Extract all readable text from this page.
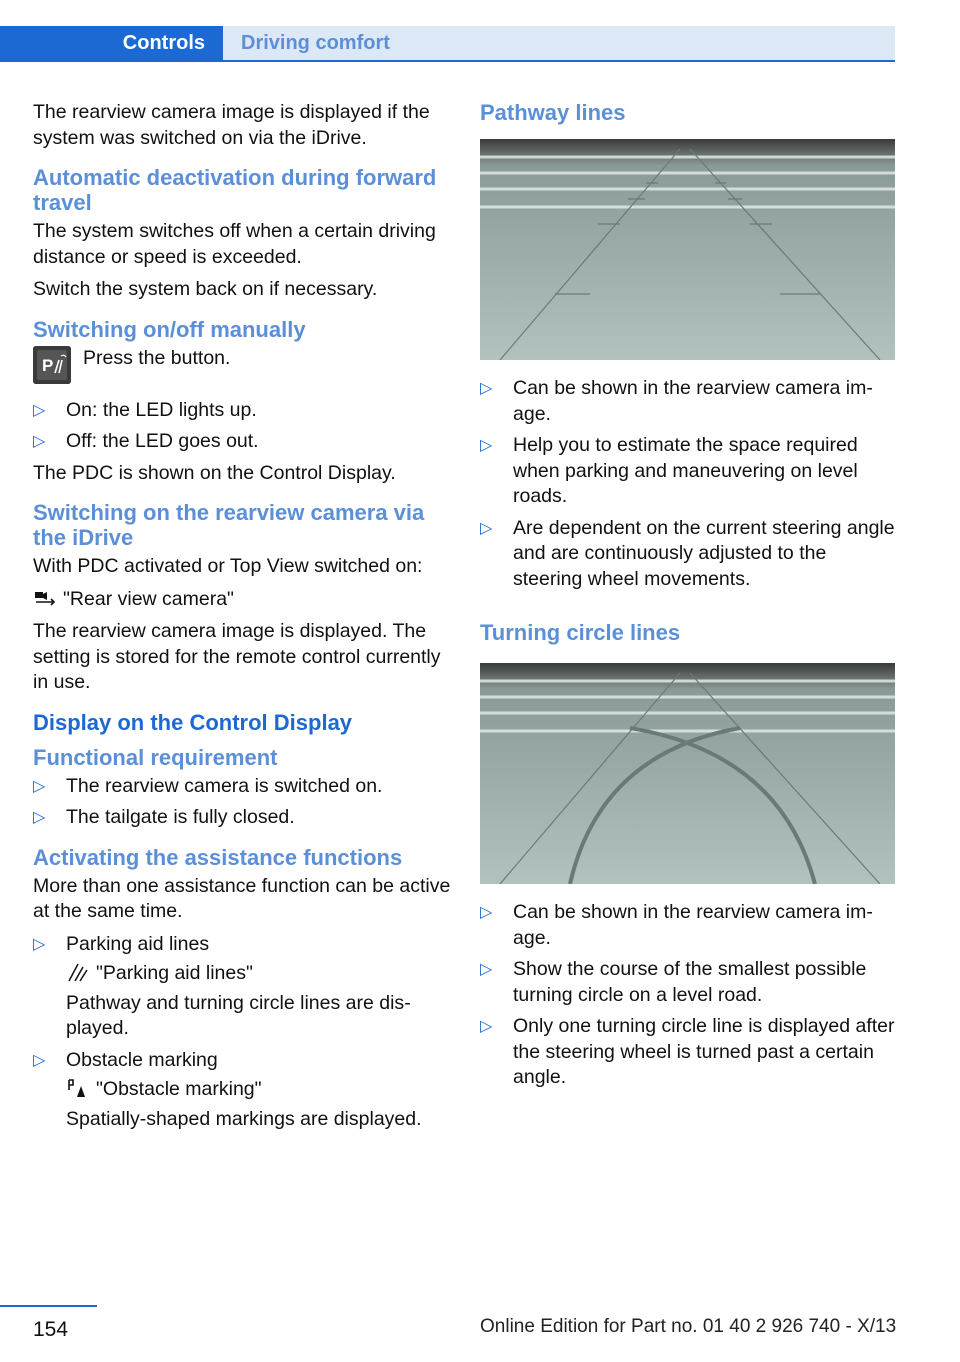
Controls Driving comfort

The rearview camera image is displayed if the system was switched on via the iDrive.

Automatic deactivation during forward travel

The system switches off when a certain driving distance or speed is exceeded.

Switch the system back on if necessary.

Switching on/off manually
P Press the button.
▷ On: the LED lights up.
▷ Off: the LED goes out.

The PDC is shown on the Control Display.

Switching on the rearview camera via the iDrive

With PDC activated or Top View switched on:

"Rear view camera"

The rearview camera image is displayed. The setting is stored for the remote control currently in use.

Display on the Control Display
Functional requirement
▷ The rearview camera is switched on.
▷ The tailgate is fully closed.
Activating the assistance functions

More than one assistance function can be active at the same time.

▷ Parking aid lines
"Parking aid lines"
Pathway and turning circle lines are displayed.
▷ Obstacle marking
"Obstacle marking"
Spatially-shaped markings are displayed.
Pathway lines
▷ Can be shown in the rearview camera image.
▷ Help you to estimate the space required when parking and maneuvering on level roads.
▷ Are dependent on the current steering angle and are continuously adjusted to the steering wheel movements.
Turning circle lines
▷ Can be shown in the rearview camera image.
▷ Show the course of the smallest possible turning circle on a level road.
▷ Only one turning circle line is displayed after the steering wheel is turned past a certain angle.
154	Online Edition for Part no. 01 40 2 926 740 - X/13
